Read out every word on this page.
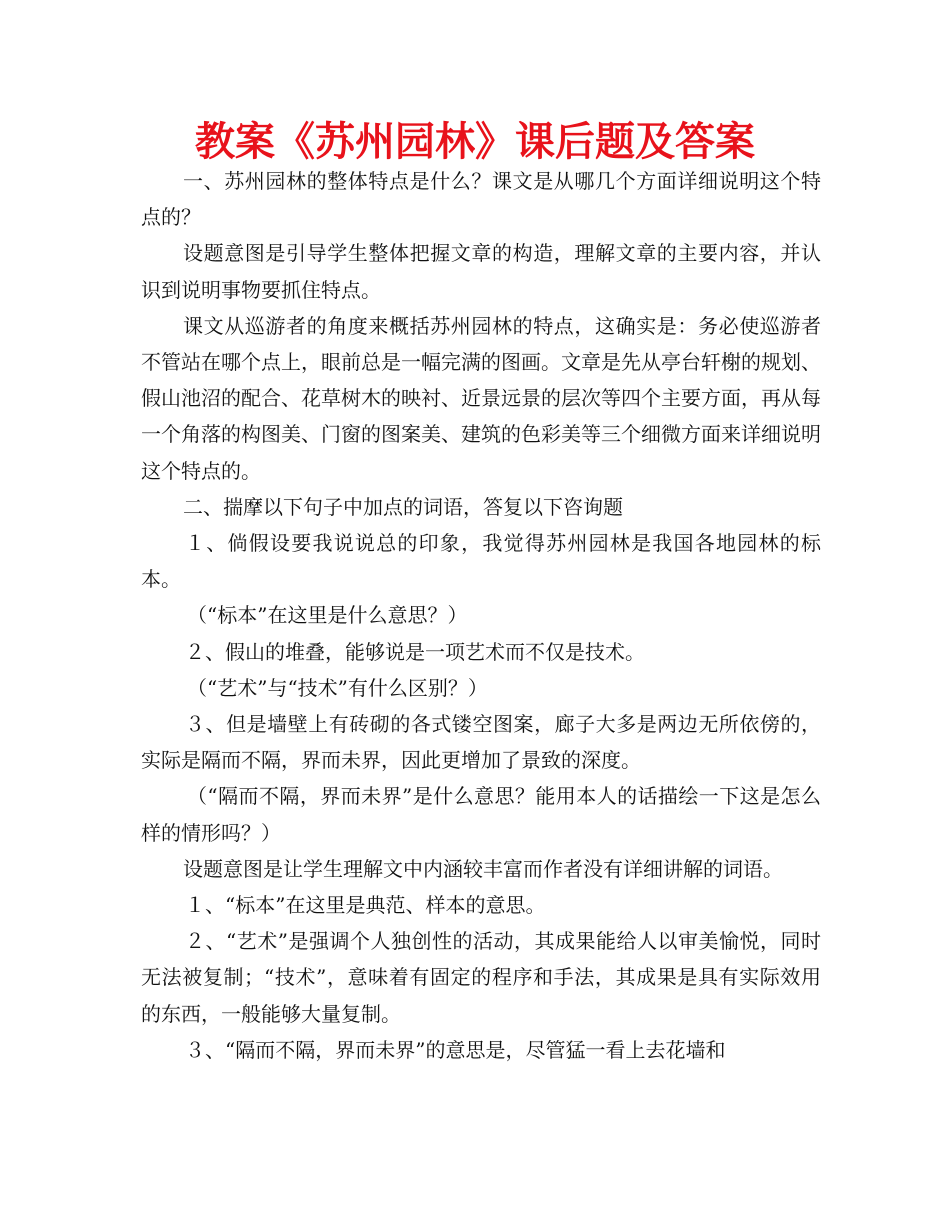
教案《苏州园林》课后题及答案

一、苏州园林的整体特点是什么？课文是从哪几个方面详细说明这个特点的？

设题意图是引导学生整体把握文章的构造，理解文章的主要内容，并认识到说明事物要抓住特点。

课文从巡游者的角度来概括苏州园林的特点，这确实是：务必使巡游者不管站在哪个点上，眼前总是一幅完满的图画。文章是先从亭台轩榭的规划、假山池沼的配合、花草树木的映衬、近景远景的层次等四个主要方面，再从每一个角落的构图美、门窗的图案美、建筑的色彩美等三个细微方面来详细说明这个特点的。

二、揣摩以下句子中加点的词语，答复以下咨询题

１、倘假设要我说说总的印象，我觉得苏州园林是我国各地园林的标本。

（“标本”在这里是什么意思？）

２、假山的堆叠，能够说是一项艺术而不仅是技术。

（“艺术”与“技术”有什么区别？）

３、但是墙壁上有砖砌的各式镂空图案，廊子大多是两边无所依傍的，实际是隔而不隔，界而未界，因此更增加了景致的深度。

（“隔而不隔，界而未界”是什么意思？能用本人的话描绘一下这是怎么样的情形吗？）

设题意图是让学生理解文中内涵较丰富而作者没有详细讲解的词语。

１、“标本”在这里是典范、样本的意思。

２、“艺术”是强调个人独创性的活动，其成果能给人以审美愉悦，同时无法被复制；“技术”，意味着有固定的程序和手法，其成果是具有实际效用的东西，一般能够大量复制。

３、“隔而不隔，界而未界”的意思是，尽管猛一看上去花墙和
